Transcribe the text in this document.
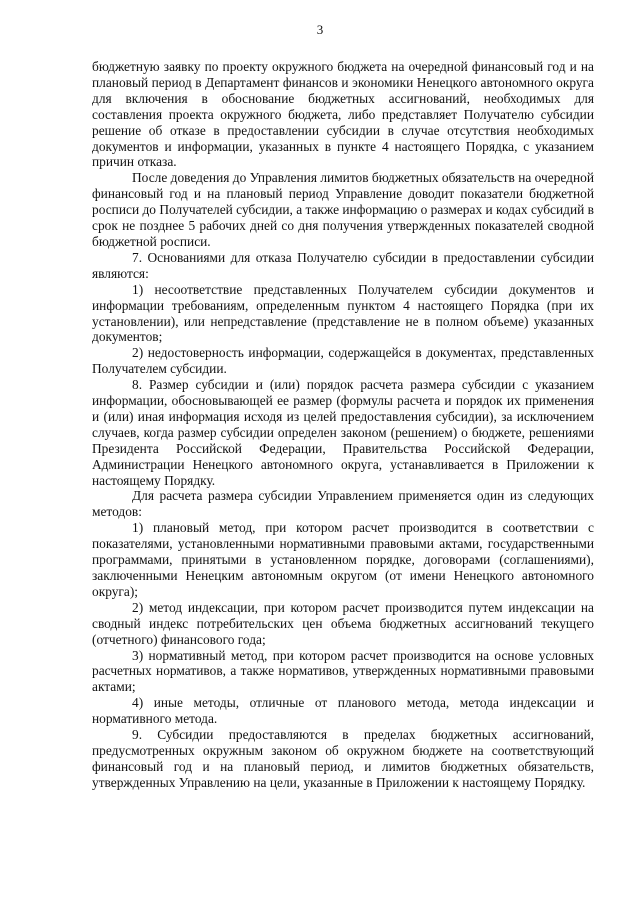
3

бюджетную заявку по проекту окружного бюджета на очередной финансовый год и на плановый период в Департамент финансов и экономики Ненецкого автономного округа для включения в обоснование бюджетных ассигнований, необходимых для составления проекта окружного бюджета, либо представляет Получателю субсидии решение об отказе в предоставлении субсидии в случае отсутствия необходимых документов и информации, указанных в пункте 4 настоящего Порядка, с указанием причин отказа.

После доведения до Управления лимитов бюджетных обязательств на очередной финансовый год и на плановый период Управление доводит показатели бюджетной росписи до Получателей субсидии, а также информацию о размерах и кодах субсидий в срок не позднее 5 рабочих дней со дня получения утвержденных показателей сводной бюджетной росписи.

7. Основаниями для отказа Получателю субсидии в предоставлении субсидии являются:

1) несоответствие представленных Получателем субсидии документов и информации требованиям, определенным пунктом 4 настоящего Порядка (при их установлении), или непредставление (представление не в полном объеме) указанных документов;

2) недостоверность информации, содержащейся в документах, представленных Получателем субсидии.

8. Размер субсидии и (или) порядок расчета размера субсидии с указанием информации, обосновывающей ее размер (формулы расчета и порядок их применения и (или) иная информация исходя из целей предоставления субсидии), за исключением случаев, когда размер субсидии определен законом (решением) о бюджете, решениями Президента Российской Федерации, Правительства Российской Федерации, Администрации Ненецкого автономного округа, устанавливается в Приложении к настоящему Порядку.

Для расчета размера субсидии Управлением применяется один из следующих методов:

1) плановый метод, при котором расчет производится в соответствии с показателями, установленными нормативными правовыми актами, государственными программами, принятыми в установленном порядке, договорами (соглашениями), заключенными Ненецким автономным округом (от имени Ненецкого автономного округа);

2) метод индексации, при котором расчет производится путем индексации на сводный индекс потребительских цен объема бюджетных ассигнований текущего (отчетного) финансового года;

3) нормативный метод, при котором расчет производится на основе условных расчетных нормативов, а также нормативов, утвержденных нормативными правовыми актами;

4) иные методы, отличные от планового метода, метода индексации и нормативного метода.

9. Субсидии предоставляются в пределах бюджетных ассигнований, предусмотренных окружным законом об окружном бюджете на соответствующий финансовый год и на плановый период, и лимитов бюджетных обязательств, утвержденных Управлению на цели, указанные в Приложении к настоящему Порядку.
